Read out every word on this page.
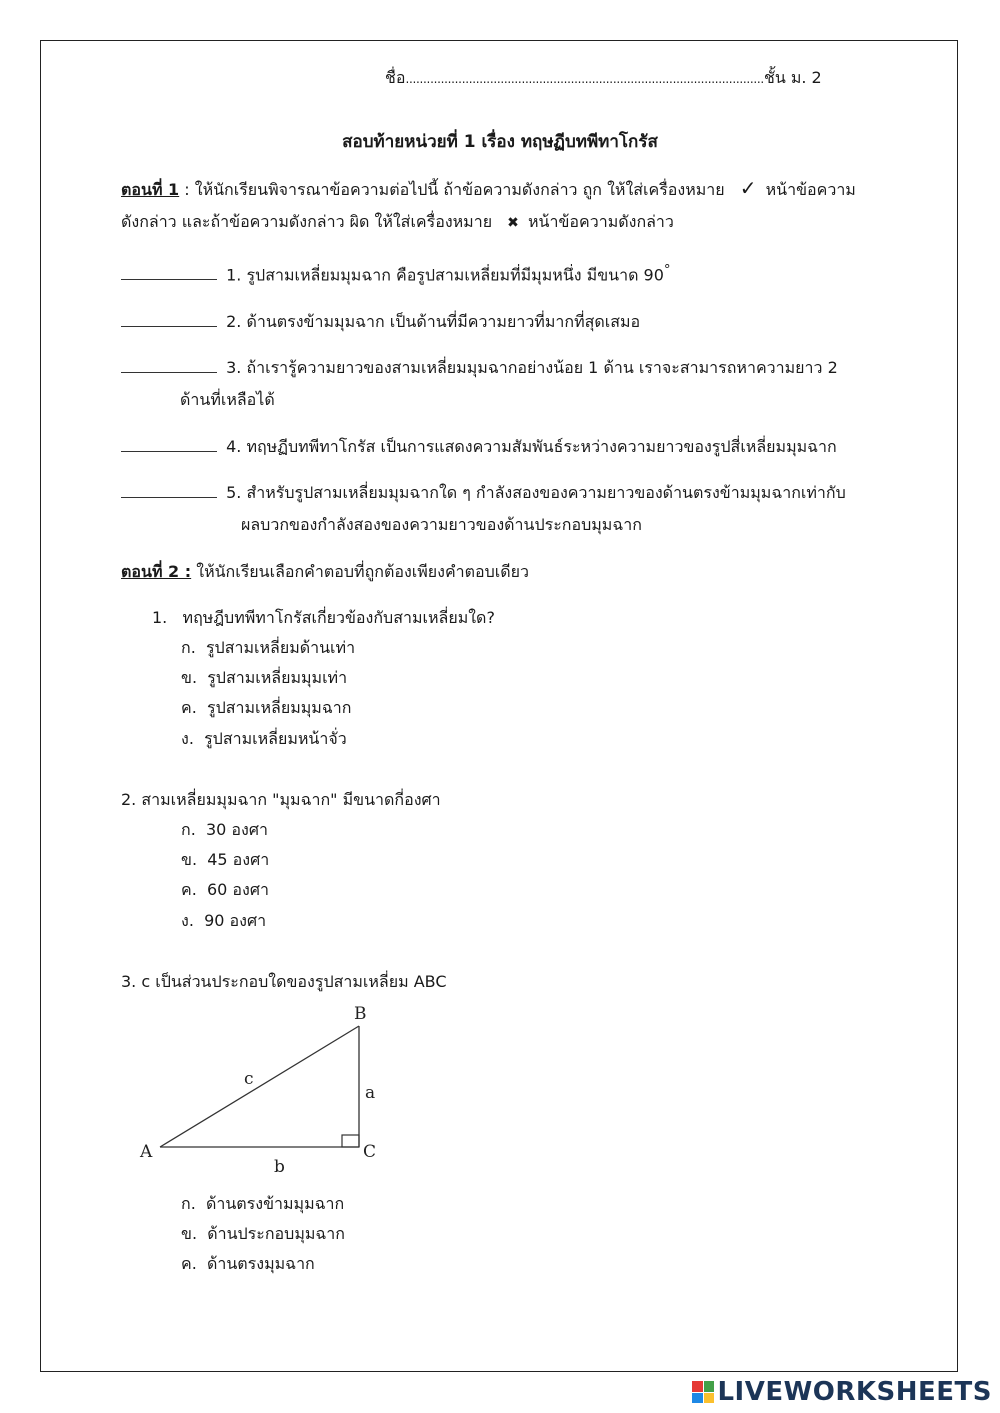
ชื่อ......................................................................................................ชั้น ม. 2
สอบท้ายหน่วยที่ 1 เรื่อง ทฤษฏีบทพีทาโกรัส
ตอนที่ 1 : ให้นักเรียนพิจารณาข้อความต่อไปนี้ ถ้าข้อความดังกล่าว ถูก ให้ใส่เครื่องหมาย ✓ หน้าข้อความ
ดังกล่าว และถ้าข้อความดังกล่าว ผิด ให้ใส่เครื่องหมาย ✖ หน้าข้อความดังกล่าว
1. รูปสามเหลี่ยมมุมฉาก คือรูปสามเหลี่ยมที่มีมุมหนึ่ง มีขนาด 90°
2. ด้านตรงข้ามมุมฉาก เป็นด้านที่มีความยาวที่มากที่สุดเสมอ
3. ถ้าเรารู้ความยาวของสามเหลี่ยมมุมฉากอย่างน้อย 1 ด้าน เราจะสามารถหาความยาว 2
ด้านที่เหลือได้
4. ทฤษฏีบทพีทาโกรัส เป็นการแสดงความสัมพันธ์ระหว่างความยาวของรูปสี่เหลี่ยมมุมฉาก
5. สำหรับรูปสามเหลี่ยมมุมฉากใด ๆ กำลังสองของความยาวของด้านตรงข้ามมุมฉากเท่ากับ
ผลบวกของกำลังสองของความยาวของด้านประกอบมุมฉาก
ตอนที่ 2 : ให้นักเรียนเลือกคำตอบที่ถูกต้องเพียงคำตอบเดียว
1. ทฤษฎีบทพีทาโกรัสเกี่ยวข้องกับสามเหลี่ยมใด?
ก. รูปสามเหลี่ยมด้านเท่า
ข. รูปสามเหลี่ยมมุมเท่า
ค. รูปสามเหลี่ยมมุมฉาก
ง. รูปสามเหลี่ยมหน้าจั่ว
2. สามเหลี่ยมมุมฉาก "มุมฉาก" มีขนาดกี่องศา
ก. 30 องศา
ข. 45 องศา
ค. 60 องศา
ง. 90 องศา
3. c เป็นส่วนประกอบใดของรูปสามเหลี่ยม ABC
A
B
C
a
b
c
ก. ด้านตรงข้ามมุมฉาก
ข. ด้านประกอบมุมฉาก
ค. ด้านตรงมุมฉาก
LIVEWORKSHEETS
